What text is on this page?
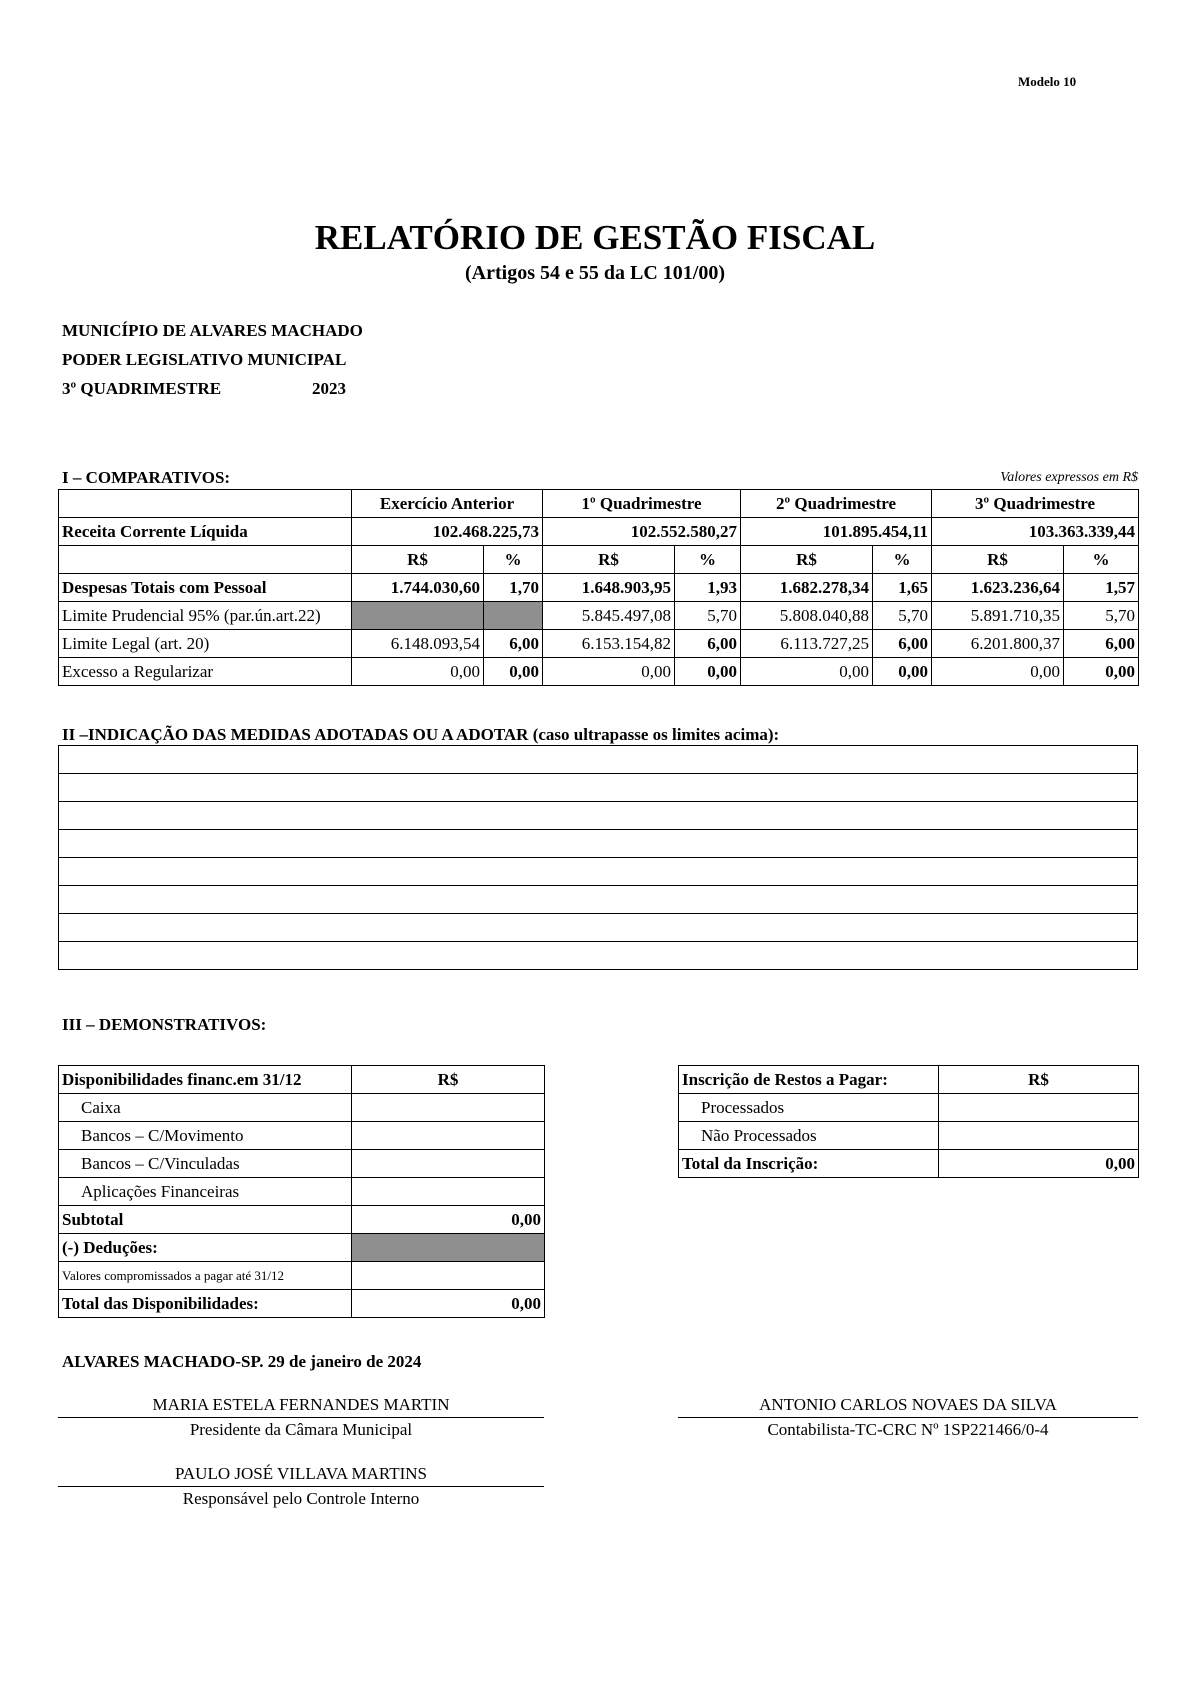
Modelo 10
RELATÓRIO DE GESTÃO FISCAL
(Artigos 54 e 55 da LC 101/00)
MUNICÍPIO DE ALVARES MACHADO
PODER LEGISLATIVO MUNICIPAL
3º QUADRIMESTRE	2023
I – COMPARATIVOS:	Valores expressos em R$
	Exercício Anterior		1º Quadrimestre		2º Quadrimestre		3º Quadrimestre	
Receita Corrente Líquida	102.468.225,73		102.552.580,27		101.895.454,11		103.363.339,44	
	R$	%	R$	%	R$	%	R$	%
Despesas Totais com Pessoal	1.744.030,60	1,70	1.648.903,95	1,93	1.682.278,34	1,65	1.623.236,64	1,57
Limite Prudencial 95% (par.ún.art.22)			5.845.497,08	5,70	5.808.040,88	5,70	5.891.710,35	5,70
Limite Legal (art. 20)	6.148.093,54	6,00	6.153.154,82	6,00	6.113.727,25	6,00	6.201.800,37	6,00
Excesso a Regularizar	0,00	0,00	0,00	0,00	0,00	0,00	0,00	0,00
II –INDICAÇÃO DAS MEDIDAS ADOTADAS OU A ADOTAR (caso ultrapasse os limites acima):

III – DEMONSTRATIVOS:
Disponibilidades financ.em 31/12	R$
Caixa	
Bancos – C/Movimento	
Bancos – C/Vinculadas	
Aplicações Financeiras	
Subtotal	0,00
(-) Deduções:	
Valores compromissados a pagar até 31/12	
Total das Disponibilidades:	0,00
Inscrição de Restos a Pagar:	R$
Processados	
Não Processados	
Total da Inscrição:	0,00
ALVARES MACHADO-SP. 29 de janeiro de 2024
MARIA ESTELA FERNANDES MARTIN
Presidente da Câmara Municipal
ANTONIO CARLOS NOVAES DA SILVA
Contabilista-TC-CRC Nº 1SP221466/0-4
PAULO JOSÉ VILLAVA MARTINS
Responsável pelo Controle Interno
